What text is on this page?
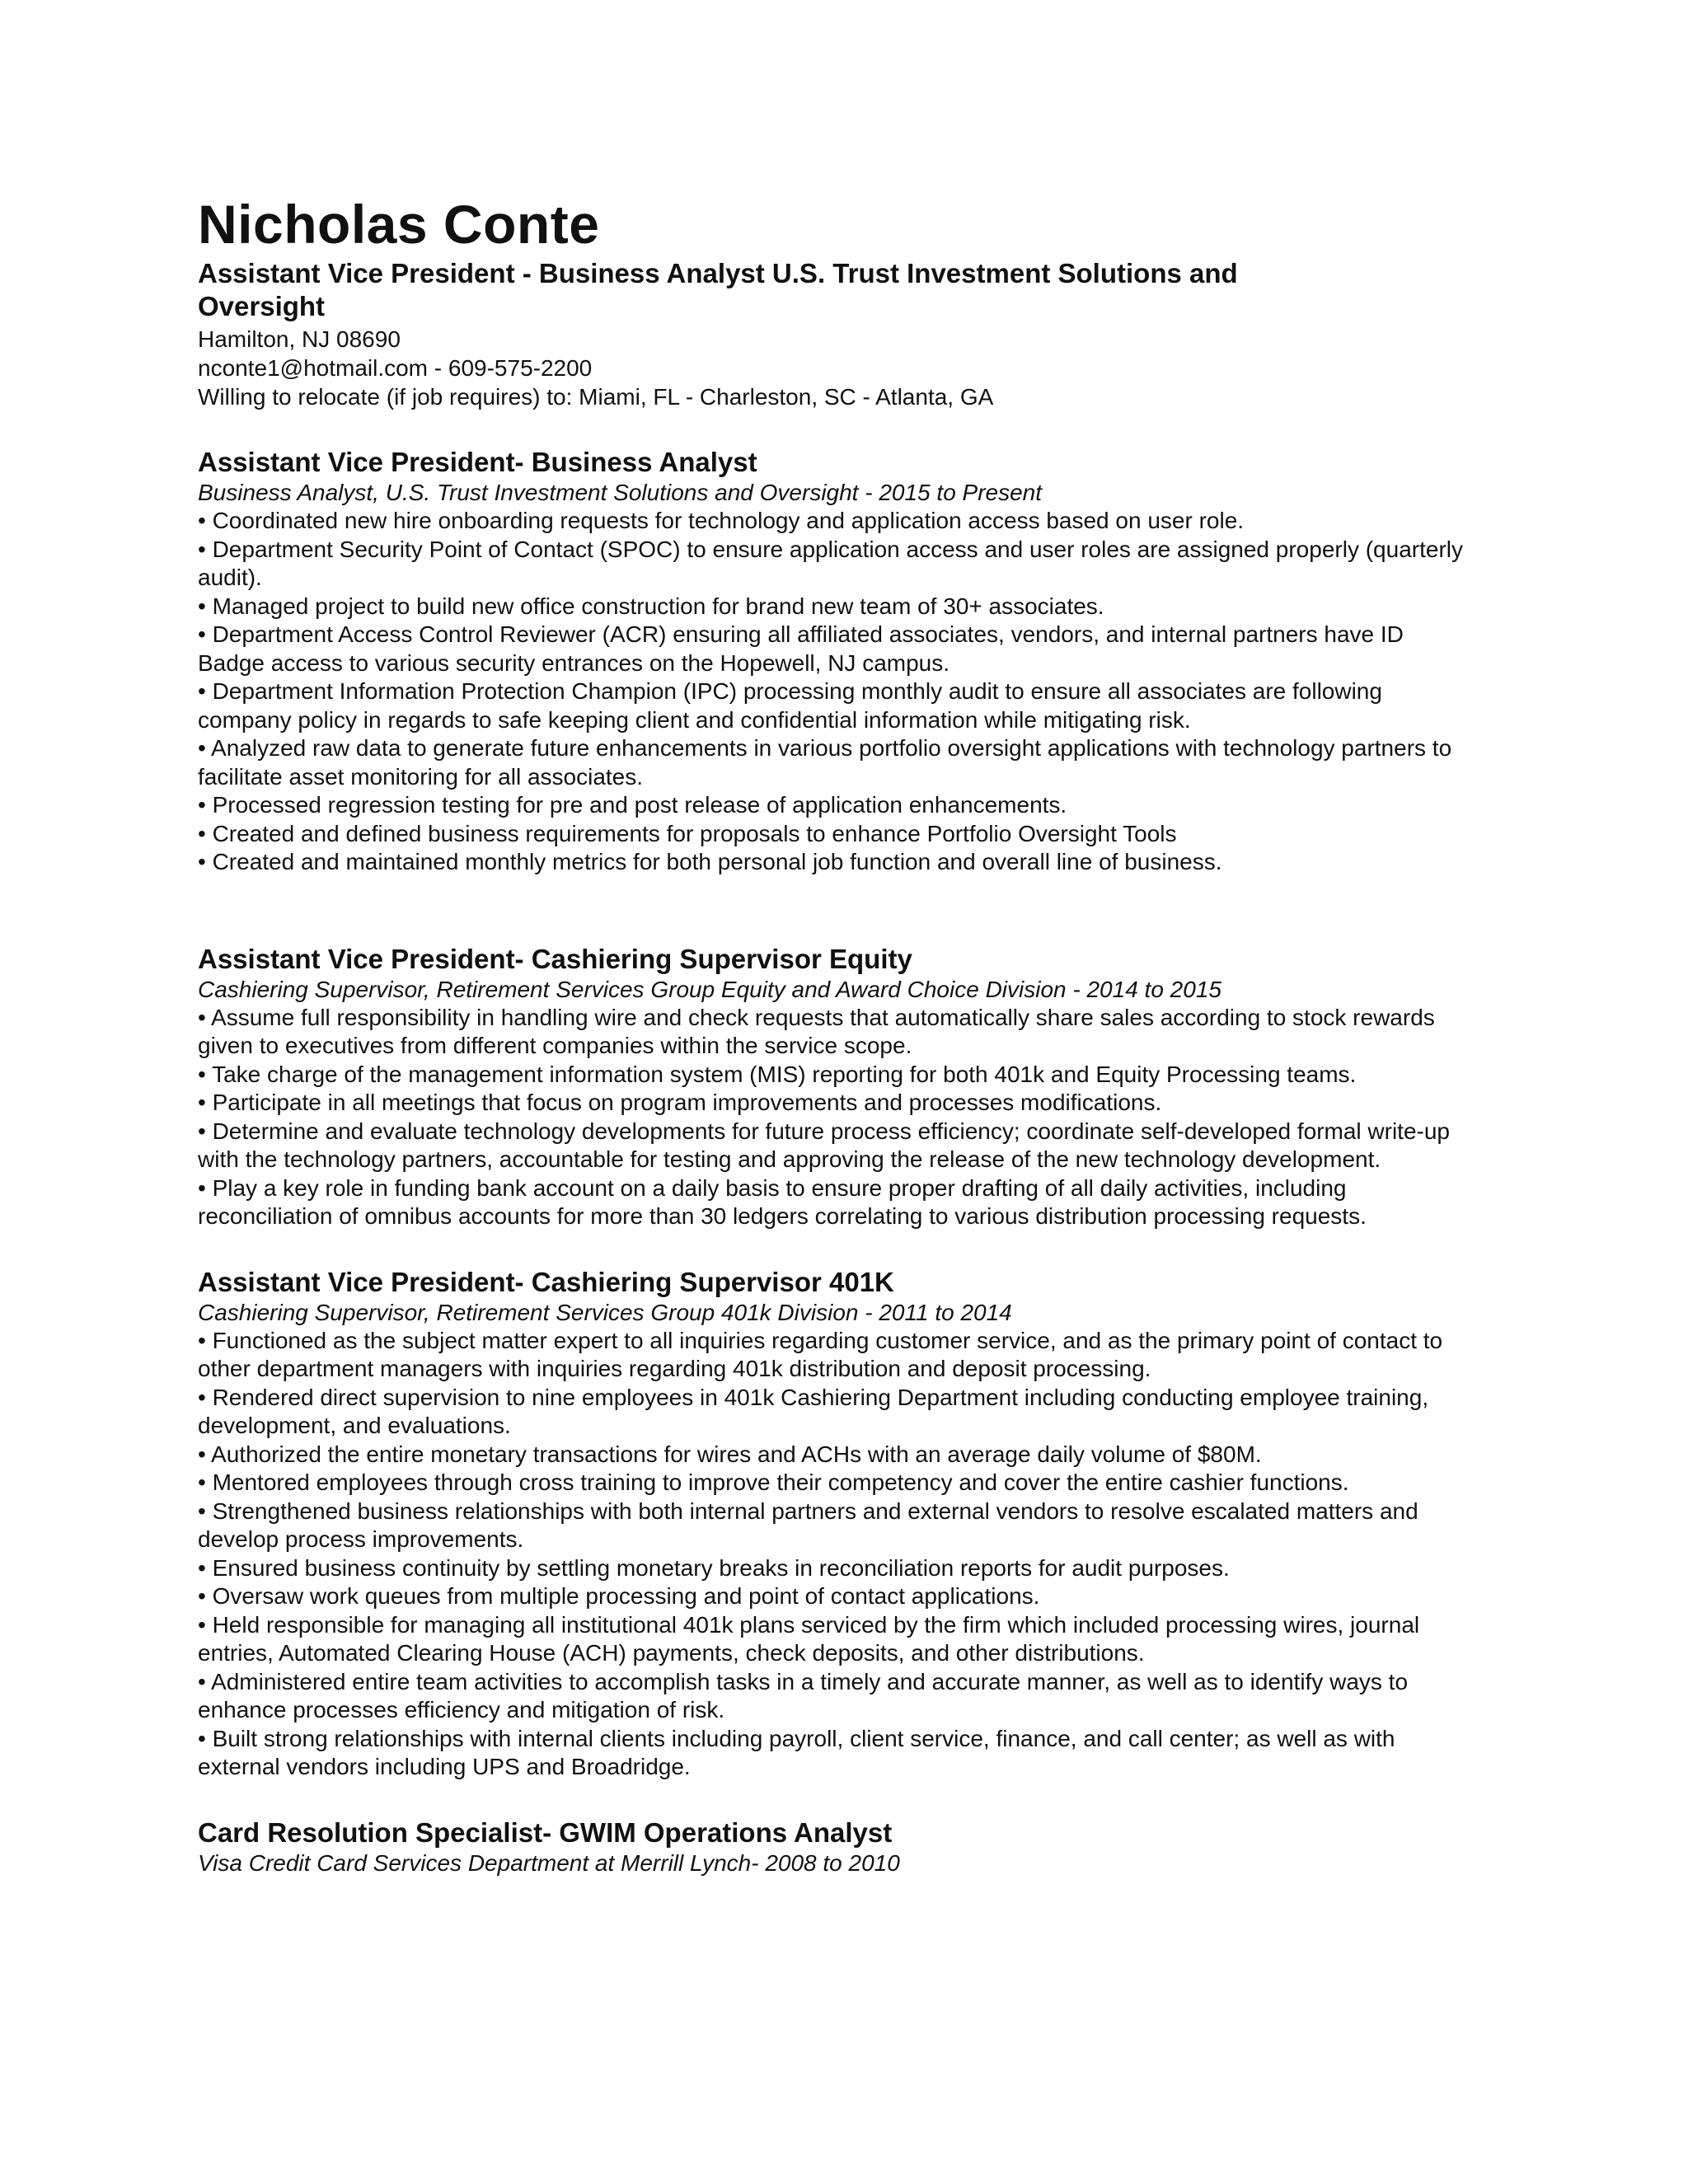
Nicholas Conte
Assistant Vice President - Business Analyst U.S. Trust Investment Solutions and Oversight

Hamilton, NJ 08690

nconte1@hotmail.com - 609-575-2200

Willing to relocate (if job requires) to: Miami, FL - Charleston, SC - Atlanta, GA

Assistant Vice President- Business Analyst
Business Analyst, U.S. Trust Investment Solutions and Oversight - 2015 to Present
• Coordinated new hire onboarding requests for technology and application access based on user role.
• Department Security Point of Contact (SPOC) to ensure application access and user roles are assigned properly (quarterly audit).
• Managed project to build new office construction for brand new team of 30+ associates.
• Department Access Control Reviewer (ACR) ensuring all affiliated associates, vendors, and internal partners have ID Badge access to various security entrances on the Hopewell, NJ campus.
• Department Information Protection Champion (IPC) processing monthly audit to ensure all associates are following company policy in regards to safe keeping client and confidential information while mitigating risk.
• Analyzed raw data to generate future enhancements in various portfolio oversight applications with technology partners to facilitate asset monitoring for all associates.
• Processed regression testing for pre and post release of application enhancements.
• Created and defined business requirements for proposals to enhance Portfolio Oversight Tools
• Created and maintained monthly metrics for both personal job function and overall line of business.
Assistant Vice President- Cashiering Supervisor Equity
Cashiering Supervisor, Retirement Services Group Equity and Award Choice Division - 2014 to 2015
• Assume full responsibility in handling wire and check requests that automatically share sales according to stock rewards given to executives from different companies within the service scope.
• Take charge of the management information system (MIS) reporting for both 401k and Equity Processing teams.
• Participate in all meetings that focus on program improvements and processes modifications.
• Determine and evaluate technology developments for future process efficiency; coordinate self-developed formal write-up with the technology partners, accountable for testing and approving the release of the new technology development.
• Play a key role in funding bank account on a daily basis to ensure proper drafting of all daily activities, including reconciliation of omnibus accounts for more than 30 ledgers correlating to various distribution processing requests.
Assistant Vice President- Cashiering Supervisor 401K
Cashiering Supervisor, Retirement Services Group 401k Division - 2011 to 2014
• Functioned as the subject matter expert to all inquiries regarding customer service, and as the primary point of contact to other department managers with inquiries regarding 401k distribution and deposit processing.
• Rendered direct supervision to nine employees in 401k Cashiering Department including conducting employee training, development, and evaluations.
• Authorized the entire monetary transactions for wires and ACHs with an average daily volume of $80M.
• Mentored employees through cross training to improve their competency and cover the entire cashier functions.
• Strengthened business relationships with both internal partners and external vendors to resolve escalated matters and develop process improvements.
• Ensured business continuity by settling monetary breaks in reconciliation reports for audit purposes.
• Oversaw work queues from multiple processing and point of contact applications.
• Held responsible for managing all institutional 401k plans serviced by the firm which included processing wires, journal entries, Automated Clearing House (ACH) payments, check deposits, and other distributions.
• Administered entire team activities to accomplish tasks in a timely and accurate manner, as well as to identify ways to enhance processes efficiency and mitigation of risk.
• Built strong relationships with internal clients including payroll, client service, finance, and call center; as well as with external vendors including UPS and Broadridge.
Card Resolution Specialist- GWIM Operations Analyst
Visa Credit Card Services Department at Merrill Lynch- 2008 to 2010
